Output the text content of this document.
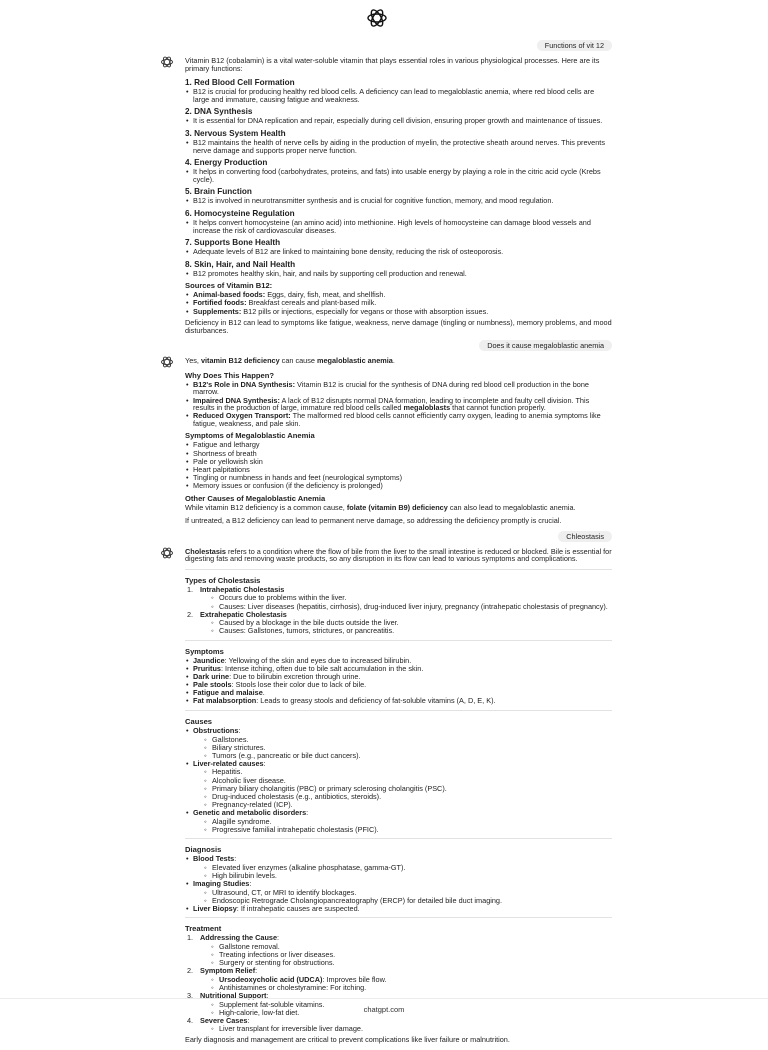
Functions of vit 12

Vitamin B12 (cobalamin) is a vital water-soluble vitamin that plays essential roles in various physiological processes. Here are its primary functions:

1. Red Blood Cell Formation
• B12 is crucial for producing healthy red blood cells. A deficiency can lead to megaloblastic anemia, where red blood cells are large and immature, causing fatigue and weakness.
2. DNA Synthesis
• It is essential for DNA replication and repair, especially during cell division, ensuring proper growth and maintenance of tissues.
3. Nervous System Health
• B12 maintains the health of nerve cells by aiding in the production of myelin, the protective sheath around nerves. This prevents nerve damage and supports proper nerve function.
4. Energy Production
• It helps in converting food (carbohydrates, proteins, and fats) into usable energy by playing a role in the citric acid cycle (Krebs cycle).
5. Brain Function
• B12 is involved in neurotransmitter synthesis and is crucial for cognitive function, memory, and mood regulation.
6. Homocysteine Regulation
• It helps convert homocysteine (an amino acid) into methionine. High levels of homocysteine can damage blood vessels and increase the risk of cardiovascular diseases.
7. Supports Bone Health
• Adequate levels of B12 are linked to maintaining bone density, reducing the risk of osteoporosis.
8. Skin, Hair, and Nail Health
• B12 promotes healthy skin, hair, and nails by supporting cell production and renewal.
Sources of Vitamin B12:
• Animal-based foods: Eggs, dairy, fish, meat, and shellfish.
• Fortified foods: Breakfast cereals and plant-based milk.
• Supplements: B12 pills or injections, especially for vegans or those with absorption issues.

Deficiency in B12 can lead to symptoms like fatigue, weakness, nerve damage (tingling or numbness), memory problems, and mood disturbances.

Does it cause megaloblastic anemia

Yes, vitamin B12 deficiency can cause megaloblastic anemia.

Why Does This Happen?
• B12's Role in DNA Synthesis: Vitamin B12 is crucial for the synthesis of DNA during red blood cell production in the bone marrow.
• Impaired DNA Synthesis: A lack of B12 disrupts normal DNA formation, leading to incomplete and faulty cell division. This results in the production of large, immature red blood cells called megaloblasts that cannot function properly.
• Reduced Oxygen Transport: The malformed red blood cells cannot efficiently carry oxygen, leading to anemia symptoms like fatigue, weakness, and pale skin.
Symptoms of Megaloblastic Anemia
• Fatigue and lethargy
• Shortness of breath
• Pale or yellowish skin
• Heart palpitations
• Tingling or numbness in hands and feet (neurological symptoms)
• Memory issues or confusion (if the deficiency is prolonged)
Other Causes of Megaloblastic Anemia

While vitamin B12 deficiency is a common cause, folate (vitamin B9) deficiency can also lead to megaloblastic anemia.

If untreated, a B12 deficiency can lead to permanent nerve damage, so addressing the deficiency promptly is crucial.

Chleostasis

Cholestasis refers to a condition where the flow of bile from the liver to the small intestine is reduced or blocked. Bile is essential for digesting fats and removing waste products, so any disruption in its flow can lead to various symptoms and complications.

Types of Cholestasis
1. Intrahepatic Cholestasis
◦ Occurs due to problems within the liver.
◦ Causes: Liver diseases (hepatitis, cirrhosis), drug-induced liver injury, pregnancy (intrahepatic cholestasis of pregnancy).
2. Extrahepatic Cholestasis
◦ Caused by a blockage in the bile ducts outside the liver.
◦ Causes: Gallstones, tumors, strictures, or pancreatitis.
Symptoms
• Jaundice: Yellowing of the skin and eyes due to increased bilirubin.
• Pruritus: Intense itching, often due to bile salt accumulation in the skin.
• Dark urine: Due to bilirubin excretion through urine.
• Pale stools: Stools lose their color due to lack of bile.
• Fatigue and malaise.
• Fat malabsorption: Leads to greasy stools and deficiency of fat-soluble vitamins (A, D, E, K).
Causes
• Obstructions:
◦ Gallstones.
◦ Biliary strictures.
◦ Tumors (e.g., pancreatic or bile duct cancers).
• Liver-related causes:
◦ Hepatitis.
◦ Alcoholic liver disease.
◦ Primary biliary cholangitis (PBC) or primary sclerosing cholangitis (PSC).
◦ Drug-induced cholestasis (e.g., antibiotics, steroids).
◦ Pregnancy-related (ICP).
• Genetic and metabolic disorders:
◦ Alagille syndrome.
◦ Progressive familial intrahepatic cholestasis (PFIC).
Diagnosis
• Blood Tests:
◦ Elevated liver enzymes (alkaline phosphatase, gamma-GT).
◦ High bilirubin levels.
• Imaging Studies:
◦ Ultrasound, CT, or MRI to identify blockages.
◦ Endoscopic Retrograde Cholangiopancreatography (ERCP) for detailed bile duct imaging.
• Liver Biopsy: If intrahepatic causes are suspected.
Treatment
1. Addressing the Cause:
◦ Gallstone removal.
◦ Treating infections or liver diseases.
◦ Surgery or stenting for obstructions.
2. Symptom Relief:
◦ Ursodeoxycholic acid (UDCA): Improves bile flow.
◦ Antihistamines or cholestyramine: For itching.
3. Nutritional Support:
◦ Supplement fat-soluble vitamins.
◦ High-calorie, low-fat diet.
4. Severe Cases:
◦ Liver transplant for irreversible liver damage.

Early diagnosis and management are critical to prevent complications like liver failure or malnutrition.

chatgpt.com
